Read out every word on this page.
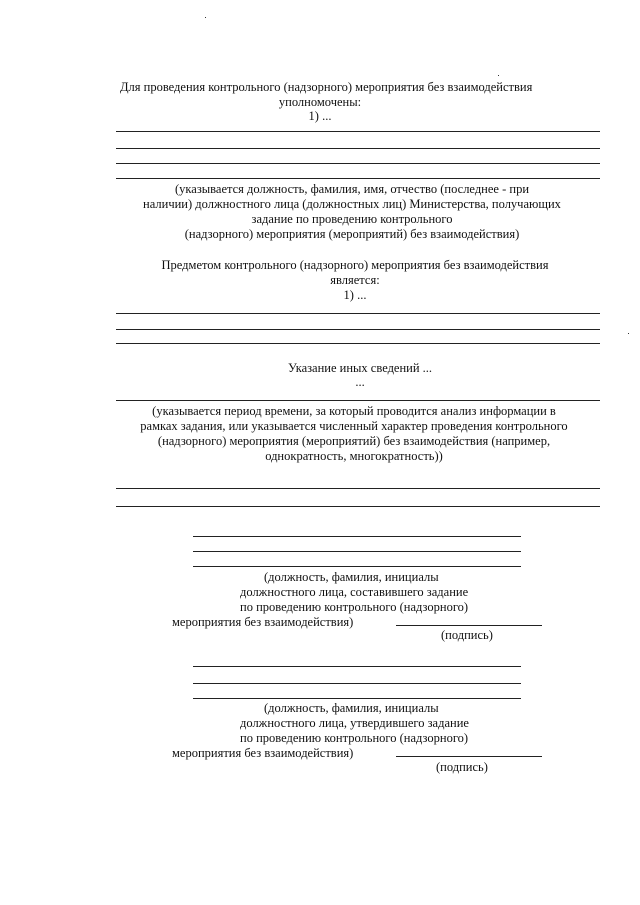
Для проведения контрольного (надзорного) мероприятия без взаимодействия
уполномочены:
1) ...
(указывается должность, фамилия, имя, отчество (последнее - при
наличии) должностного лица (должностных лиц) Министерства, получающих
задание по проведению контрольного
(надзорного) мероприятия (мероприятий) без взаимодействия)
Предметом контрольного (надзорного) мероприятия без взаимодействия
является:
1) ...
Указание иных сведений ...
...
(указывается период времени, за который проводится анализ информации в
рамках задания, или указывается численный характер проведения контрольного
(надзорного) мероприятия (мероприятий) без взаимодействия (например,
однократность, многократность))
(должность, фамилия, инициалы
должностного лица, составившего задание
по проведению контрольного (надзорного)
мероприятия без взаимодействия)
(подпись)
(должность, фамилия, инициалы
должностного лица, утвердившего задание
по проведению контрольного (надзорного)
мероприятия без взаимодействия)
(подпись)
